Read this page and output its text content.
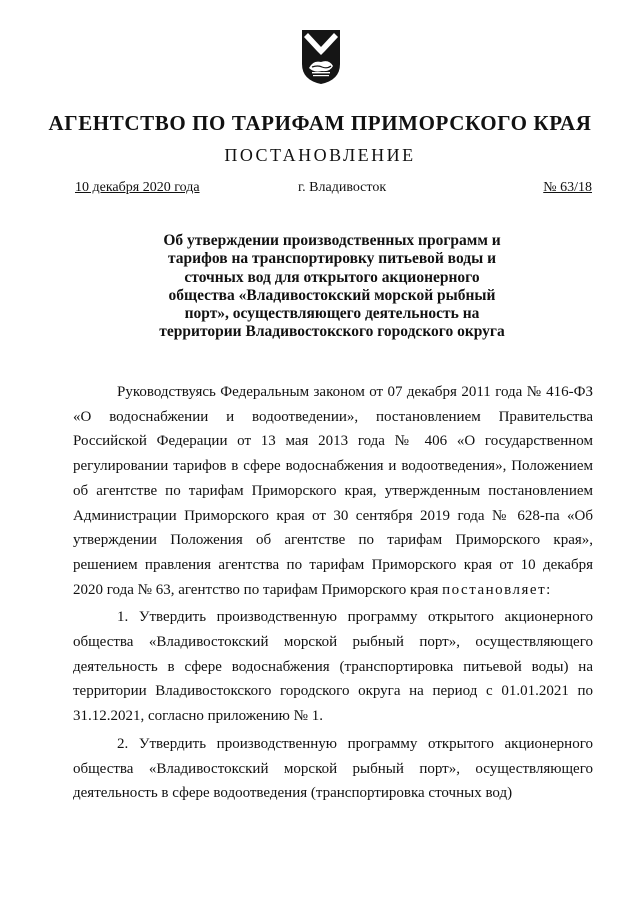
АГЕНТСТВО ПО ТАРИФАМ ПРИМОРСКОГО КРАЯ
ПОСТАНОВЛЕНИЕ
10 декабря 2020 года	г. Владивосток	№ 63/18
Об утверждении производственных программ и тарифов на транспортировку питьевой воды и сточных вод для открытого акционерного общества «Владивостокский морской рыбный порт», осуществляющего деятельность на территории Владивостокского городского округа

Руководствуясь Федеральным законом от 07 декабря 2011 года № 416-ФЗ «О водоснабжении и водоотведении», постановлением Правительства Российской Федерации от 13 мая 2013 года № 406 «О государственном регулировании тарифов в сфере водоснабжения и водоотведения», Положением об агентстве по тарифам Приморского края, утвержденным постановлением Администрации Приморского края от 30 сентября 2019 года № 628-па «Об утверждении Положения об агентстве по тарифам Приморского края», решением правления агентства по тарифам Приморского края от 10 декабря 2020 года № 63, агентство по тарифам Приморского края постановляет:

1. Утвердить производственную программу открытого акционерного общества «Владивостокский морской рыбный порт», осуществляющего деятельность в сфере водоснабжения (транспортировка питьевой воды) на территории Владивостокского городского округа на период с 01.01.2021 по 31.12.2021, согласно приложению № 1.

2. Утвердить производственную программу открытого акционерного общества «Владивостокский морской рыбный порт», осуществляющего деятельность в сфере водоотведения (транспортировка сточных вод)
